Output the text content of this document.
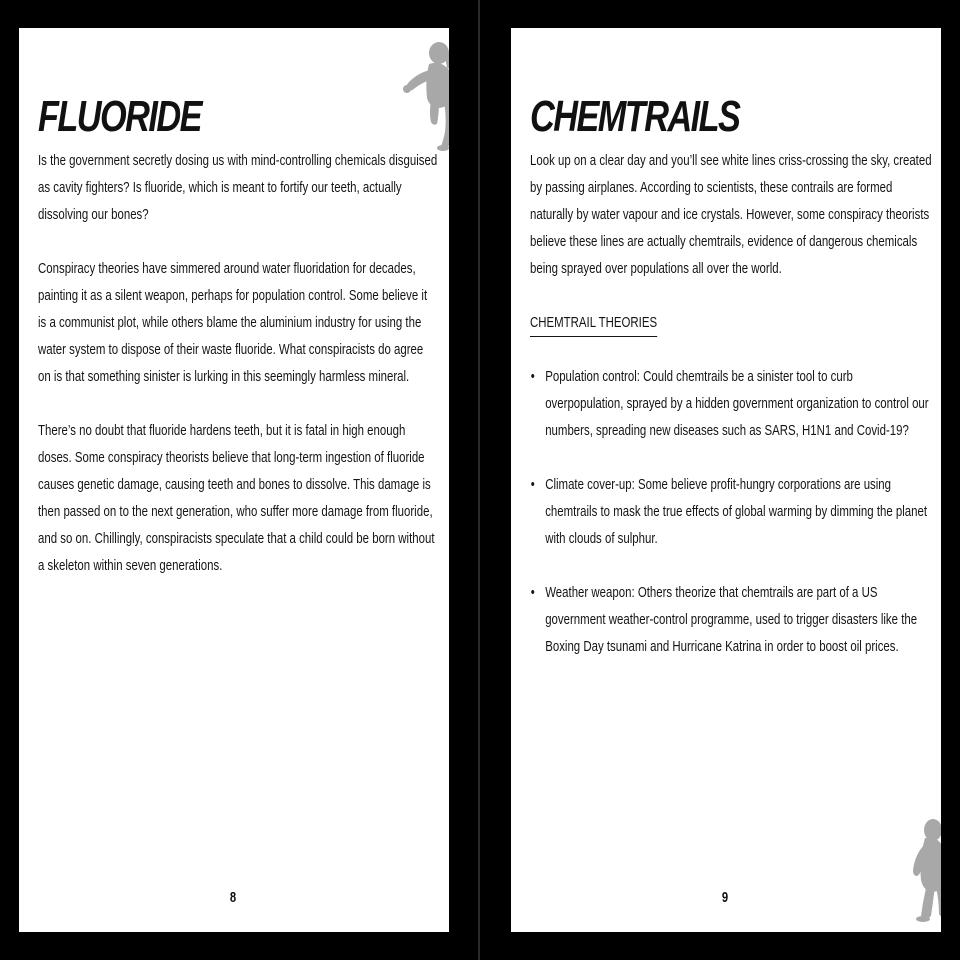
FLUORIDE

Is the government secretly dosing us with mind-controlling chemicals disguised as cavity fighters? Is fluoride, which is meant to fortify our teeth, actually dissolving our bones?

Conspiracy theories have simmered around water fluoridation for decades, painting it as a silent weapon, perhaps for population control. Some believe it is a communist plot, while others blame the aluminium industry for using the water system to dispose of their waste fluoride. What conspiracists do agree on is that something sinister is lurking in this seemingly harmless mineral.

There’s no doubt that fluoride hardens teeth, but it is fatal in high enough doses. Some conspiracy theorists believe that long-term ingestion of fluoride causes genetic damage, causing teeth and bones to dissolve. This damage is then passed on to the next generation, who suffer more damage from fluoride, and so on. Chillingly, conspiracists speculate that a child could be born without a skeleton within seven generations.

8
CHEMTRAILS

Look up on a clear day and you’ll see white lines criss-crossing the sky, created by passing airplanes. According to scientists, these contrails are formed naturally by water vapour and ice crystals. However, some conspiracy theorists believe these lines are actually chemtrails, evidence of dangerous chemicals being sprayed over populations all over the world.

CHEMTRAIL THEORIES
• Population control: Could chemtrails be a sinister tool to curb overpopulation, sprayed by a hidden government organization to control our numbers, spreading new diseases such as SARS, H1N1 and Covid-19?
• Climate cover-up: Some believe profit-hungry corporations are using chemtrails to mask the true effects of global warming by dimming the planet with clouds of sulphur.
• Weather weapon: Others theorize that chemtrails are part of a US government weather-control programme, used to trigger disasters like the Boxing Day tsunami and Hurricane Katrina in order to boost oil prices.
9
